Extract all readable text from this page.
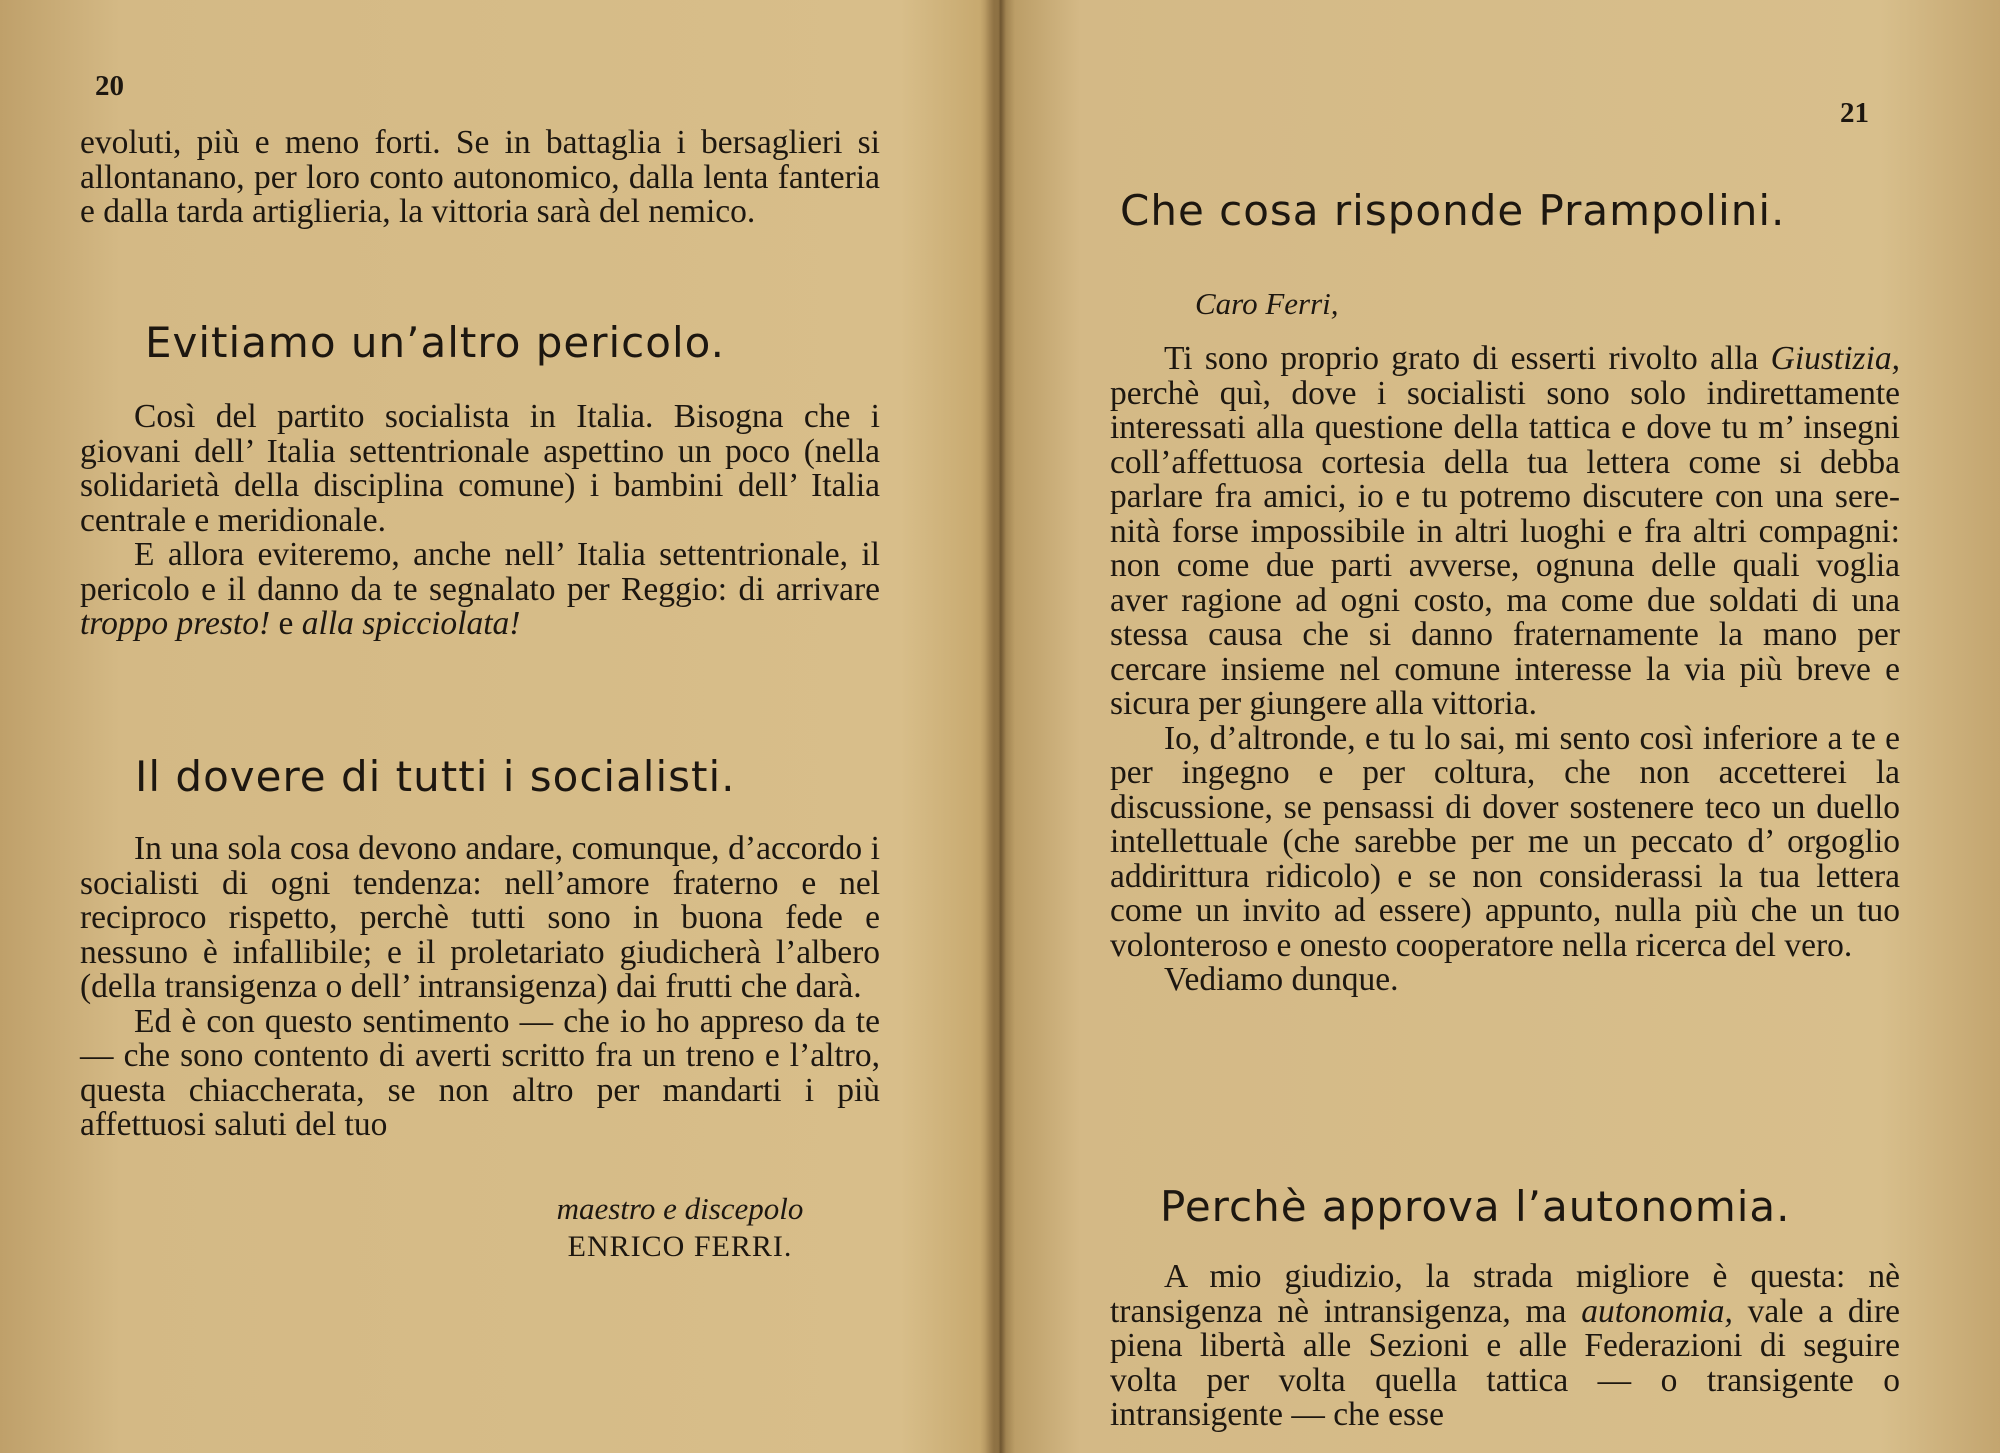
20

evoluti, più e meno forti. Se in battaglia i bersaglieri si allontanano, per loro conto autonomico, dalla lenta fanteria e dalla tarda artiglieria, la vittoria sarà del nemico.

Evitiamo un’altro pericolo.

Così del partito socialista in Italia. Bisogna che i giovani dell’ Italia settentrionale aspettino un poco (nella solidarietà della disciplina comune) i bambini dell’ Italia centrale e meridionale.

E allora eviteremo, anche nell’ Italia settentrionale, il pericolo e il danno da te segnalato per Reggio: di arrivare troppo presto! e alla spicciolata!

Il dovere di tutti i socialisti.

In una sola cosa devono andare, comunque, d’accordo i socialisti di ogni tendenza: nell’amore fraterno e nel reciproco rispetto, perchè tutti sono in buona fede e nessuno è infallibile; e il proletariato giudicherà l’albero (della transigenza o dell’ intransigenza) dai frutti che darà.

Ed è con questo sentimento — che io ho appreso da te — che sono contento di averti scritto fra un treno e l’altro, questa chiaccherata, se non altro per mandarti i più affettuosi saluti del tuo

maestro e discepolo
ENRICO FERRI.
21
Che cosa risponde Prampolini.
Caro Ferri,

Ti sono proprio grato di esserti rivolto alla Giustizia, perchè quì, dove i socialisti sono solo indirettamente interessati alla questione della tattica e dove tu m’ insegni coll’affettuosa cortesia della tua lettera come si debba parlare fra amici, io e tu potremo discutere con una serenità forse impossibile in altri luoghi e fra altri compagni: non come due parti avverse, ognuna delle quali voglia aver ragione ad ogni costo, ma come due soldati di una stessa causa che si danno fraternamente la mano per cercare insieme nel comune interesse la via più breve e sicura per giungere alla vittoria.

Io, d’altronde, e tu lo sai, mi sento così inferiore a te e per ingegno e per coltura, che non accetterei la discussione, se pensassi di dover sostenere teco un duello intellettuale (che sarebbe per me un peccato d’ orgoglio addirittura ridicolo) e se non considerassi la tua lettera come un invito ad essere) appunto, nulla più che un tuo volonteroso e onesto cooperatore nella ricerca del vero.

Vediamo dunque.

Perchè approva l’autonomia.

A mio giudizio, la strada migliore è questa: nè transigenza nè intransigenza, ma autonomia, vale a dire piena libertà alle Sezioni e alle Federazioni di seguire volta per volta quella tattica — o transigente o intransigente — che esse
